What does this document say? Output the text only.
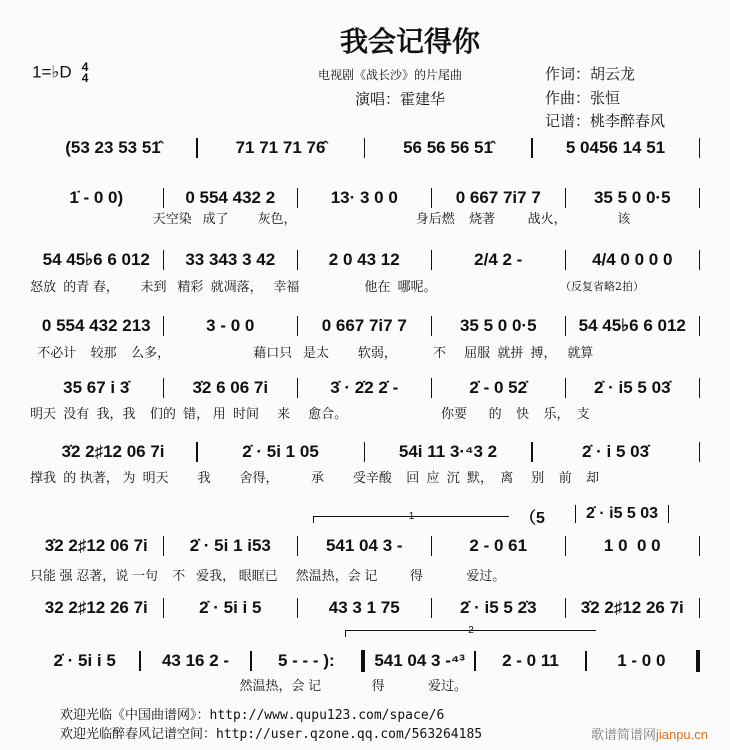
我会记得你
1=♭D 4
4	电视剧《战长沙》的片尾曲
演唱：霍建华
作词：胡云龙
作曲：张恒
记谱：桃李醉春风
(53 23 53 51̂	71 71 71 76̂	56 56 56 51̂	5 0456 14 51
1̇ - 0 0)	0 554 432 2	13· 3 0 0	0 667 7i7 7	35 5 0 0·5
天空染   成了        灰色，                                 身后燃    烧著         战火，              该
54 45♭6 6 012	33 343 3 42	2 0 43 12	2/4 2 -	4/4 0 0 0 0
怒放  的青 春，      未到   精彩  就凋落，   幸福                  他在  哪呢。	（反复省略2拍）
0 554 432 213	3 - 0 0	0 667 7i7 7	35 5 0 0·5	54 45♭6 6 012
不必计    较那    么多，                       藉口只   是太        软弱，          不     屈服  就拼  搏，   就算
35 67 i 3̇	3̇2 6 06 7i	3̇ · 2̇2 2̇ -	2̇ - 0 52̇	2̇ · i5 5 03̇
明天  没有  我，我    们的  错， 用  时间     来     愈合。                          你要      的    快    乐，  支
3̇2 2♯12 06 7i	2̇ · 5i 1 05	54i 11 3·⁴3 2	2̇ · i 5 03̇
撑我  的 执著， 为  明天        我        舍得，         承        受辛酸    回  应  沉  默，  离     别    前    却
3̇2 2♯12 06 7i	2̇ · 5i 1 i53	541 04 3 -	2 - 0 61	1 0  0 0
只能 强 忍著，说 一句    不   爱我， 眼眶已     然温热，会 记         得            爱过。
（5	2̇ · i5 5 03
1
32 2♯12 26 7i	2̇ · 5i i 5	43 3 1 75	2̇ · i5 5 2̇3	3̇2 2♯12 26 7i
2̇ · 5i i 5	43 16 2 -	5 - - - ):	541 04 3 -⁴³	2 - 0 11	1 - 0 0
然温热，会 记              得            爱过。
2
欢迎光临《中国曲谱网》：http://www.qupu123.com/space/6
欢迎光临醉春风记谱空间：http://user.qzone.qq.com/563264185	歌谱简谱网jianpu.cn
